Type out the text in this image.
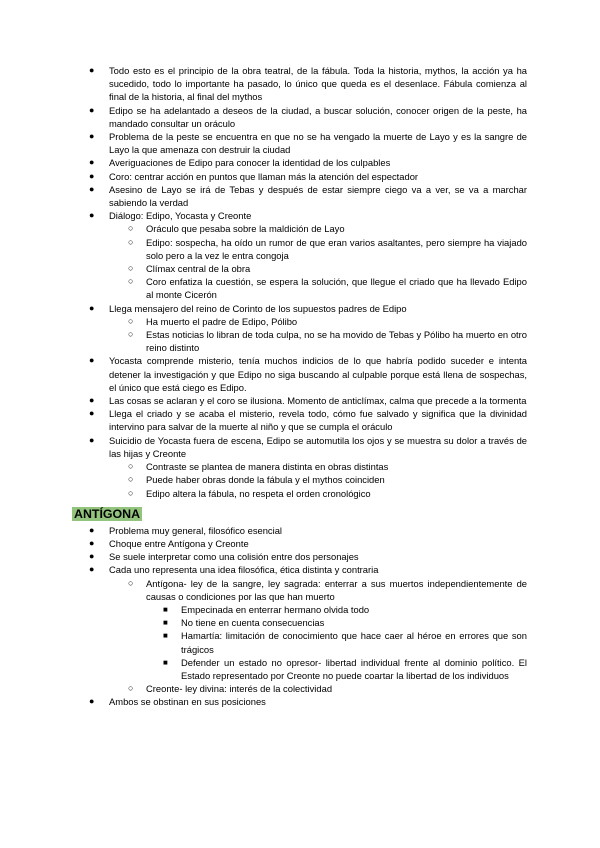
● Todo esto es el principio de la obra teatral, de la fábula. Toda la historia, mythos, la acción ya ha sucedido, todo lo importante ha pasado, lo único que queda es el desenlace. Fábula comienza al final de la historia, al final del mythos
● Edipo se ha adelantado a deseos de la ciudad, a buscar solución, conocer origen de la peste, ha mandado consultar un oráculo
● Problema de la peste se encuentra en que no se ha vengado la muerte de Layo y es la sangre de Layo la que amenaza con destruir la ciudad
● Averiguaciones de Edipo para conocer la identidad de los culpables
● Coro: centrar acción en puntos que llaman más la atención del espectador
● Asesino de Layo se irá de Tebas y después de estar siempre ciego va a ver, se va a marchar sabiendo la verdad
● Diálogo: Edipo, Yocasta y Creonte
○ Oráculo que pesaba sobre la maldición de Layo
○ Edipo: sospecha, ha oído un rumor de que eran varios asaltantes, pero siempre ha viajado solo pero a la vez le entra congoja
○ Clímax central de la obra
○ Coro enfatiza la cuestión, se espera la solución, que llegue el criado que ha llevado Edipo al monte Cicerón
● Llega mensajero del reino de Corinto de los supuestos padres de Edipo
○ Ha muerto el padre de Edipo, Pólibo
○ Estas noticias lo libran de toda culpa, no se ha movido de Tebas y Pólibo ha muerto en otro reino distinto
● Yocasta comprende misterio, tenía muchos indicios de lo que habría podido suceder e intenta detener la investigación y que Edipo no siga buscando al culpable porque está llena de sospechas, el único que está ciego es Edipo.
● Las cosas se aclaran y el coro se ilusiona. Momento de anticlímax, calma que precede a la tormenta
● Llega el criado y se acaba el misterio, revela todo, cómo fue salvado y significa que la divinidad intervino para salvar de la muerte al niño y que se cumpla el oráculo
● Suicidio de Yocasta fuera de escena, Edipo se automutila los ojos y se muestra su dolor a través de las hijas y Creonte
○ Contraste se plantea de manera distinta en obras distintas
○ Puede haber obras donde la fábula y el mythos coinciden
○ Edipo altera la fábula, no respeta el orden cronológico
ANTÍGONA
● Problema muy general, filosófico esencial
● Choque entre Antígona y Creonte
● Se suele interpretar como una colisión entre dos personajes
● Cada uno representa una idea filosófica, ética distinta y contraria
○ Antígona- ley de la sangre, ley sagrada: enterrar a sus muertos independientemente de causas o condiciones por las que han muerto
■ Empecinada en enterrar hermano olvida todo
■ No tiene en cuenta consecuencias
■ Hamartía: limitación de conocimiento que hace caer al héroe en errores que son trágicos
■ Defender un estado no opresor- libertad individual frente al dominio político. El Estado representado por Creonte no puede coartar la libertad de los individuos
○ Creonte- ley divina: interés de la colectividad
● Ambos se obstinan en sus posiciones
